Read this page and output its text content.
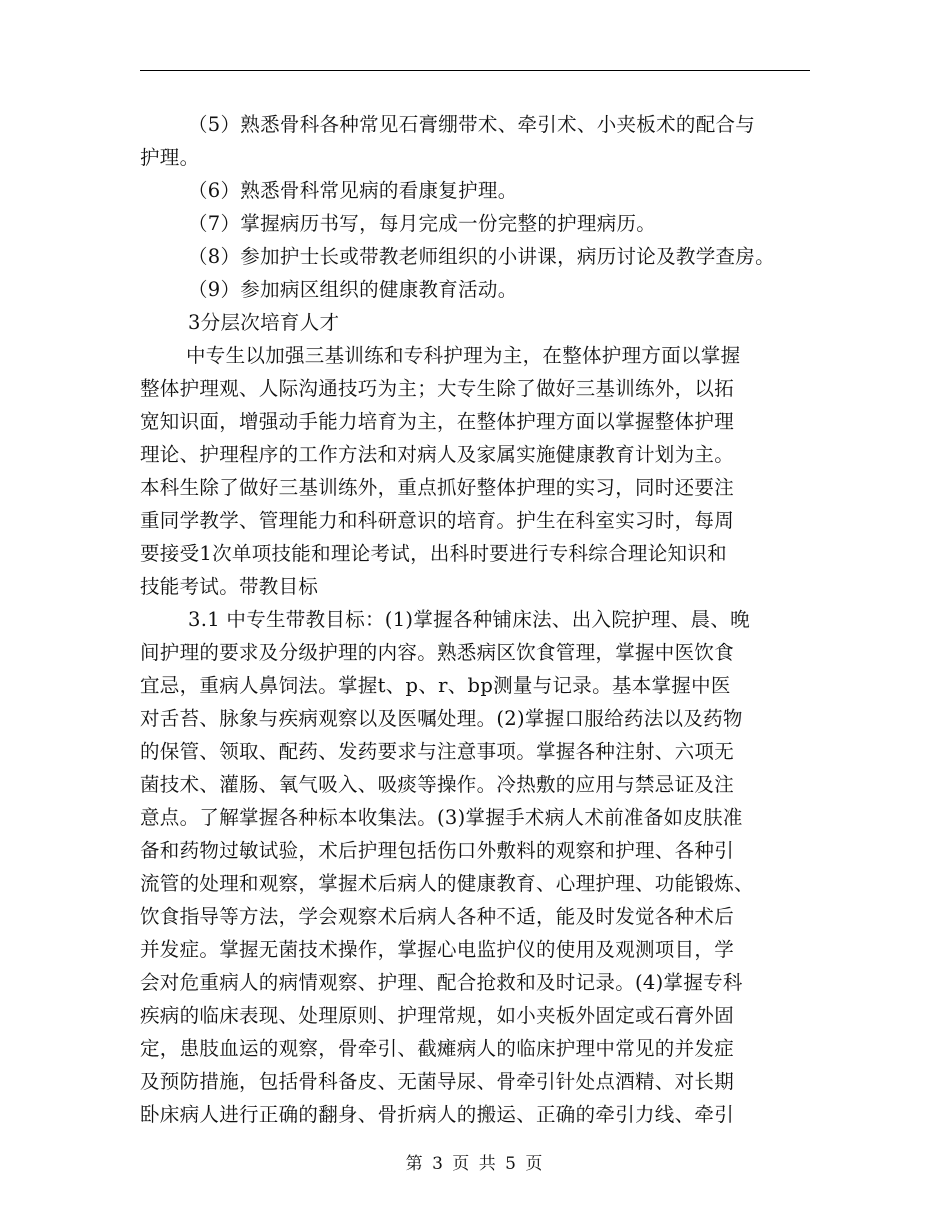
（5）熟悉骨科各种常见石膏绷带术、牵引术、小夹板术的配合与
护理。
（6）熟悉骨科常见病的看康复护理。
（7）掌握病历书写，每月完成一份完整的护理病历。
（8）参加护士长或带教老师组织的小讲课，病历讨论及教学查房。
（9）参加病区组织的健康教育活动。
3分层次培育人才
中专生以加强三基训练和专科护理为主，在整体护理方面以掌握
整体护理观、人际沟通技巧为主；大专生除了做好三基训练外，以拓
宽知识面，增强动手能力培育为主，在整体护理方面以掌握整体护理
理论、护理程序的工作方法和对病人及家属实施健康教育计划为主。
本科生除了做好三基训练外，重点抓好整体护理的实习，同时还要注
重同学教学、管理能力和科研意识的培育。护生在科室实习时，每周
要接受1次单项技能和理论考试，出科时要进行专科综合理论知识和
技能考试。带教目标
3.1 中专生带教目标：(1)掌握各种铺床法、出入院护理、晨、晚
间护理的要求及分级护理的内容。熟悉病区饮食管理，掌握中医饮食
宜忌，重病人鼻饲法。掌握t、p、r、bp测量与记录。基本掌握中医
对舌苔、脉象与疾病观察以及医嘱处理。(2)掌握口服给药法以及药物
的保管、领取、配药、发药要求与注意事项。掌握各种注射、六项无
菌技术、灌肠、氧气吸入、吸痰等操作。冷热敷的应用与禁忌证及注
意点。了解掌握各种标本收集法。(3)掌握手术病人术前准备如皮肤准
备和药物过敏试验，术后护理包括伤口外敷料的观察和护理、各种引
流管的处理和观察，掌握术后病人的健康教育、心理护理、功能锻炼、
饮食指导等方法，学会观察术后病人各种不适，能及时发觉各种术后
并发症。掌握无菌技术操作，掌握心电监护仪的使用及观测项目，学
会对危重病人的病情观察、护理、配合抢救和及时记录。(4)掌握专科
疾病的临床表现、处理原则、护理常规，如小夹板外固定或石膏外固
定，患肢血运的观察，骨牵引、截瘫病人的临床护理中常见的并发症
及预防措施，包括骨科备皮、无菌导尿、骨牵引针处点酒精、对长期
卧床病人进行正确的翻身、骨折病人的搬运、正确的牵引力线、牵引
第 3 页 共 5 页
